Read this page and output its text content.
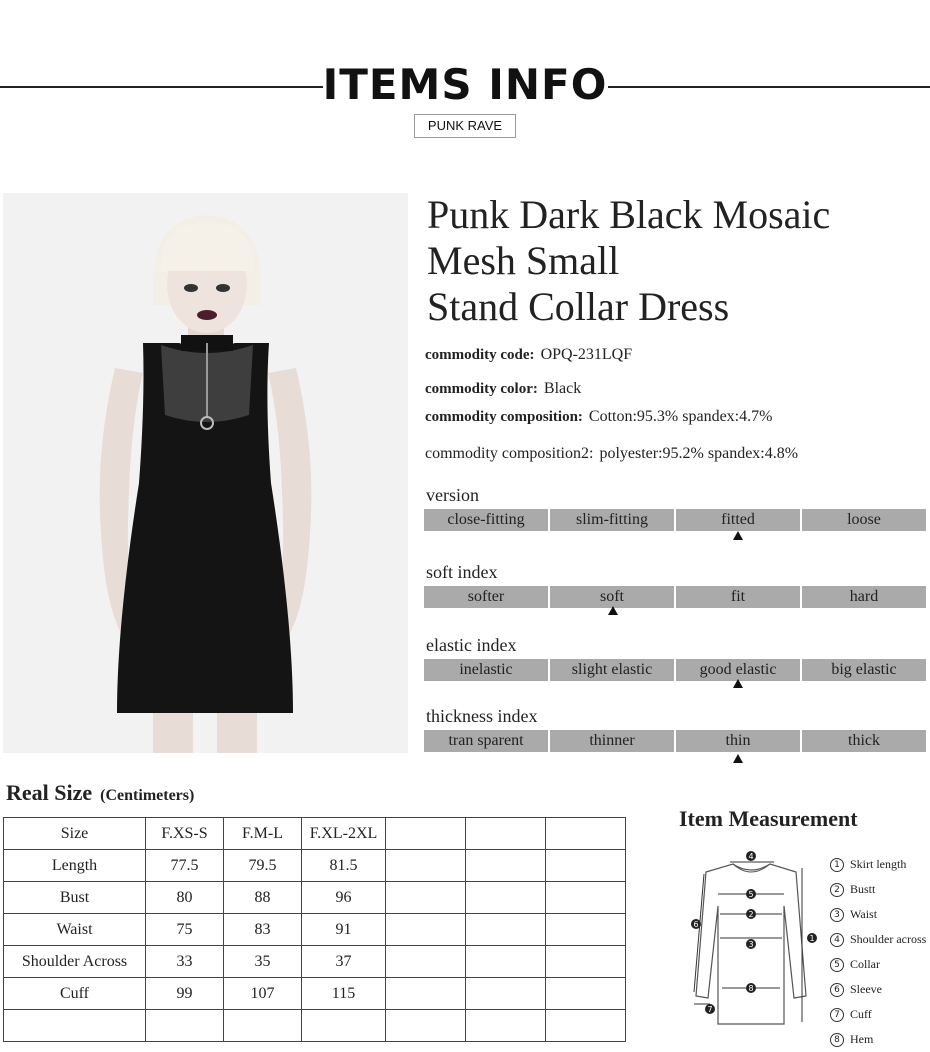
ITEMS INFO
PUNK RAVE
Punk Dark Black Mosaic
Mesh Small
Stand Collar Dress
commodity code: OPQ-231LQF
commodity color: Black
commodity composition: Cotton:95.3% spandex:4.7%
commodity composition2: polyester:95.2% spandex:4.8%
version
close-fitting	slim-fitting	fitted	loose
soft index
softer	soft	fit	hard
elastic index
inelastic	slight elastic	good elastic	big elastic
thickness index
tran sparent	thinner	thin	thick
Real Size (Centimeters)
Size	F.XS-S	F.M-L	F.XL-2XL			
Length	77.5	79.5	81.5			
Bust	80	88	96			
Waist	75	83	91			
Shoulder Across	33	35	37			
Cuff	99	107	115			

Item Measurement
4
5
2
3
8
1
6
7
1 Skirt length
2 Bustt
3 Waist
4 Shoulder across
5 Collar
6 Sleeve
7 Cuff
8 Hem
